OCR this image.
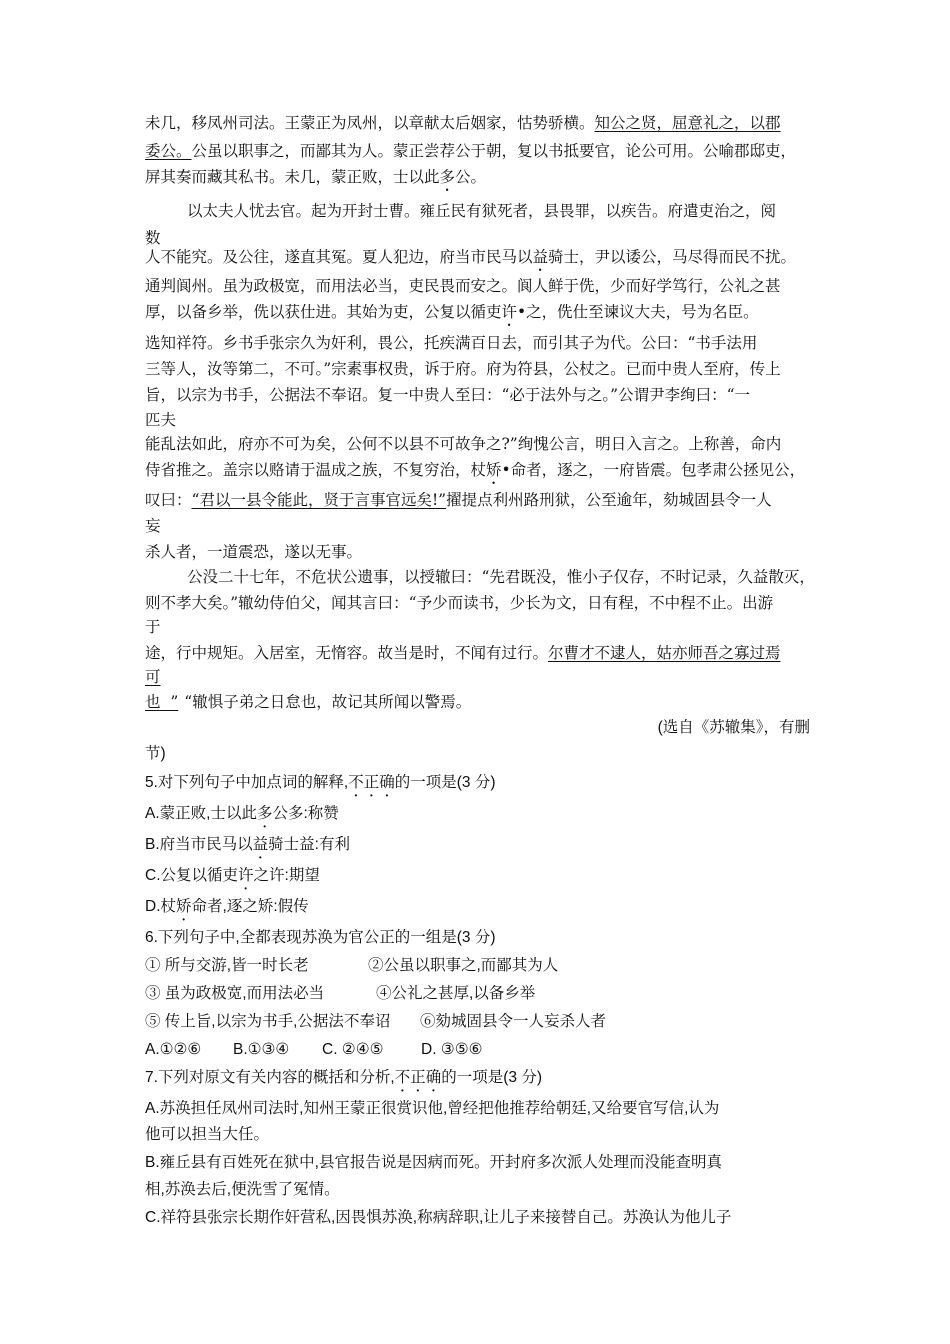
未几，移凤州司法。王蒙正为凤州，以章献太后姻家，怙势骄横。知公之贤，屈意礼之，以郡
委公。公虽以职事之，而鄙其为人。蒙正尝荐公于朝，复以书抵要官，论公可用。公喻郡邸吏，
屏其奏而藏其私书。未几，蒙正败，士以此多公。
以太夫人忧去官。起为开封士曹。雍丘民有狱死者，县畏罪，以疾告。府遣吏治之，阅
数
人不能究。及公往，遂直其冤。夏人犯边，府当市民马以益骑士，尹以诿公，马尽得而民不扰。
通判阆州。虽为政极宽，而用法必当，吏民畏而安之。阆人鲜于侁，少而好学笃行，公礼之甚
厚，以备乡举，侁以获仕进。其始为吏，公复以循吏许•之，侁仕至谏议大夫，号为名臣。
选知祥符。乡书手张宗久为奸利，畏公，托疾满百日去，而引其子为代。公曰：“书手法用
三等人，汝等第二，不可。”宗素事权贵，诉于府。府为符县，公杖之。已而中贵人至府，传上
旨，以宗为书手，公据法不奉诏。复一中贵人至曰：“必于法外与之。”公谓尹李绚曰：“一
匹夫
能乱法如此，府亦不可为矣，公何不以县不可故争之?”绚愧公言，明日入言之。上称善，命内
侍省推之。盖宗以赂请于温成之族，不复穷治，杖矫•命者，逐之，一府皆震。包孝肃公拯见公，
叹曰：“君以一县令能此，贤于言事官远矣!”擢提点利州路刑狱，公至逾年，劾城固县令一人
妄
杀人者，一道震恐，遂以无事。
公没二十七年，不危状公遗事，以授辙曰：“先君既没，惟小子仅存，不时记录，久益散灭，
则不孝大矣。”辙幼侍伯父，闻其言曰：“予少而读书，少长为文，日有程，不中程不止。出游
于
途，行中规矩。入居室，无惰容。故当是时，不闻有过行。尔曹才不逮人，姑亦师吾之寡过焉
可
也  ” “辙惧子弟之日怠也，故记其所闻以警焉。
(选自《苏辙集》，有删
节)
5.对下列句子中加点词的解释,不正确的一项是(3 分)
A.蒙正败,士以此多公多:称赞
B.府当市民马以益骑士益:有利
C.公复以循吏许之许:期望
D.杖矫命者,逐之矫:假传
6.下列句子中,全都表现苏涣为官公正的一组是(3 分)
① 所与交游,皆一时长老	②公虽以职事之,而鄙其为人
③ 虽为政极宽,而用法必当	④公礼之甚厚,以备乡举
⑤ 传上旨,以宗为书手,公据法不奉诏 ⑥劾城固县令一人妄杀人者
A.①②⑥ B.①③④ C. ②④⑤ D. ③⑤⑥
7.下列对原文有关内容的概括和分析,不正确的一项是(3 分)
A.苏涣担任凤州司法时,知州王蒙正很赏识他,曾经把他推荐给朝廷,又给要官写信,认为
他可以担当大任。
B.雍丘县有百姓死在狱中,县官报告说是因病而死。开封府多次派人处理而没能查明真
相,苏涣去后,便洗雪了冤情。
C.祥符县张宗长期作奸营私,因畏惧苏涣,称病辞职,让儿子来接替自己。苏涣认为他儿子
